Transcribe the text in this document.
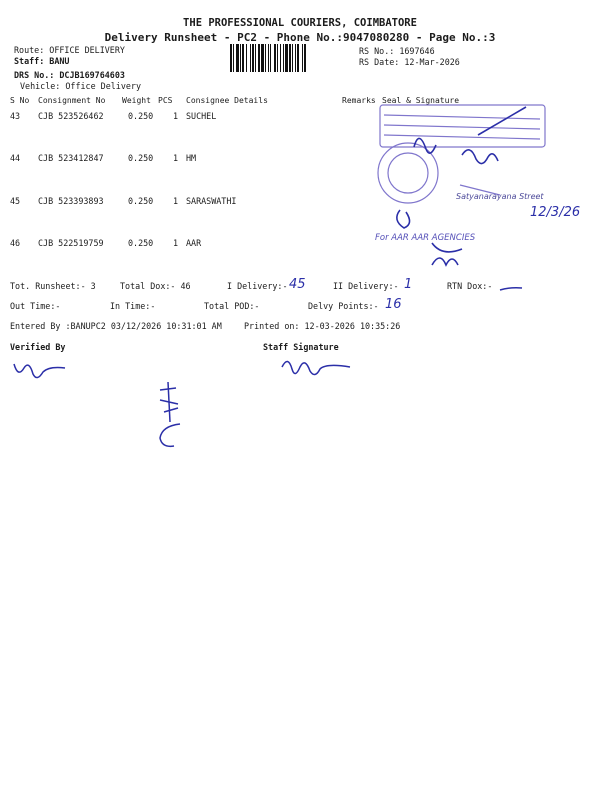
THE PROFESSIONAL COURIERS, COIMBATORE
Delivery Runsheet - PC2 - Phone No.:9047080280 - Page No.:3
Route: OFFICE DELIVERY
Staff: BANU
DRS No.: DCJB169764603
Vehicle: Office Delivery
RS No.: 1697646
RS Date: 12-Mar-2026
S No Consignment No Weight PCS Consignee Details	Remarks Seal & Signature
43 CJB 523526462	0.250 1 SUCHEL
44 CJB 523412847	0.250 1 HM
45 CJB 523393893	0.250 1 SARASWATHI
46 CJB 522519759	0.250 1 AAR
Satyanarayana Street
12/3/26
For AAR AAR AGENCIES
Tot. Runsheet:- 3	Total Dox:- 46	I Delivery:- 45	II Delivery:- 1	RTN Dox:-
Out Time:-	In Time:-	Total POD:-	Delvy Points:- 16
Entered By :BANUPC2 03/12/2026 10:31:01 AM	Printed on: 12-03-2026 10:35:26
Verified By	Staff Signature
